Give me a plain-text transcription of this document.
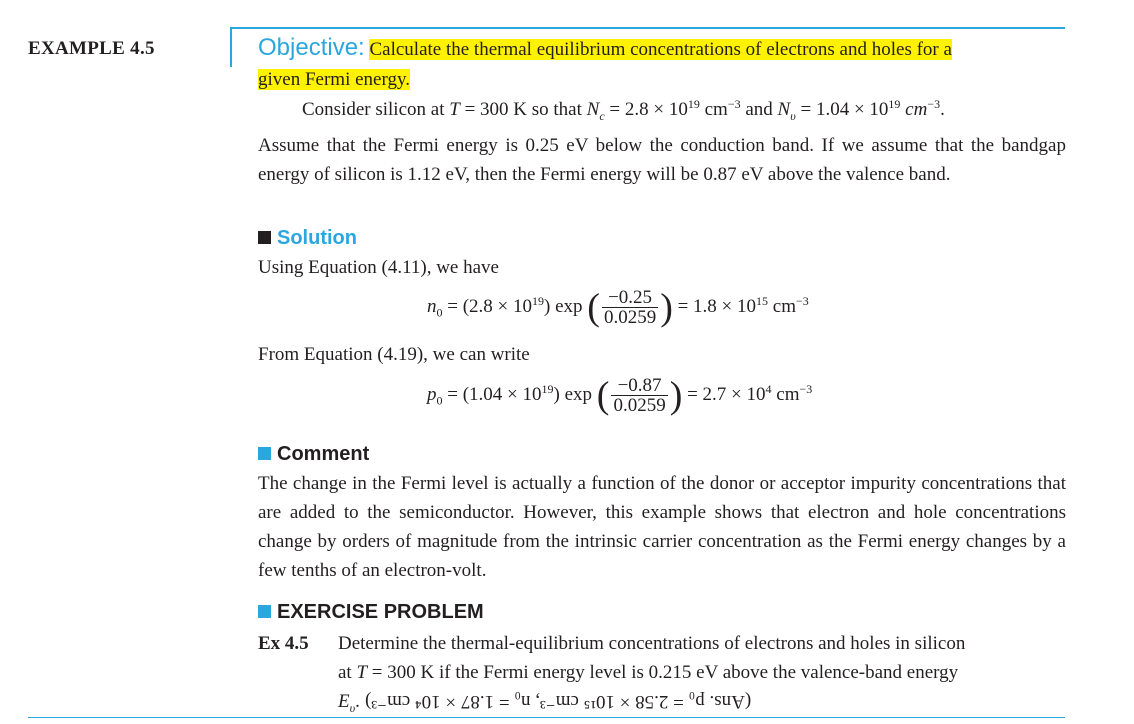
EXAMPLE 4.5	Objective: Calculate the thermal equilibrium concentrations of electrons and holes for a
given Fermi energy.
Consider silicon at T = 300 K so that $N_c = 2.8 \times 10^{19}$ $cm^{-3}$ and $N_\upsilon = 1.04 \times 10^{19}$ $cm^{-3}$.
Assume that the Fermi energy is 0.25 eV below the conduction band. If we assume that the bandgap energy of silicon is 1.12 eV, then the Fermi energy will be 0.87 eV above the valence band.
Solution
Using Equation (4.11), we have
$n_0 = (2.8 \times 10^{19})$ exp ( $\frac{-0.25}{0.0259}$ ) = $1.8 \times 10^{15}$ $cm^{-3}$
From Equation (4.19), we can write
$p_0 = (1.04 \times 10^{19})$ exp ( $\frac{-0.87}{0.0259}$ ) = $2.7 \times 10^4$ $cm^{-3}$
Comment
The change in the Fermi level is actually a function of the donor or acceptor impurity concentrations that are added to the semiconductor. However, this example shows that electron and hole concentrations change by orders of magnitude from the intrinsic carrier concentration as the Fermi energy changes by a few tenths of an electron-volt.
EXERCISE PROBLEM
Ex 4.5 Determine the thermal-equilibrium concentrations of electrons and holes in silicon
at T = 300 K if the Fermi energy level is 0.215 eV above the valence-band energy
$E_\upsilon$. (Ans. p₀ = 2.58 × 10¹⁵ cm⁻³, n₀ = 1.87 × 10⁴ cm⁻³)
